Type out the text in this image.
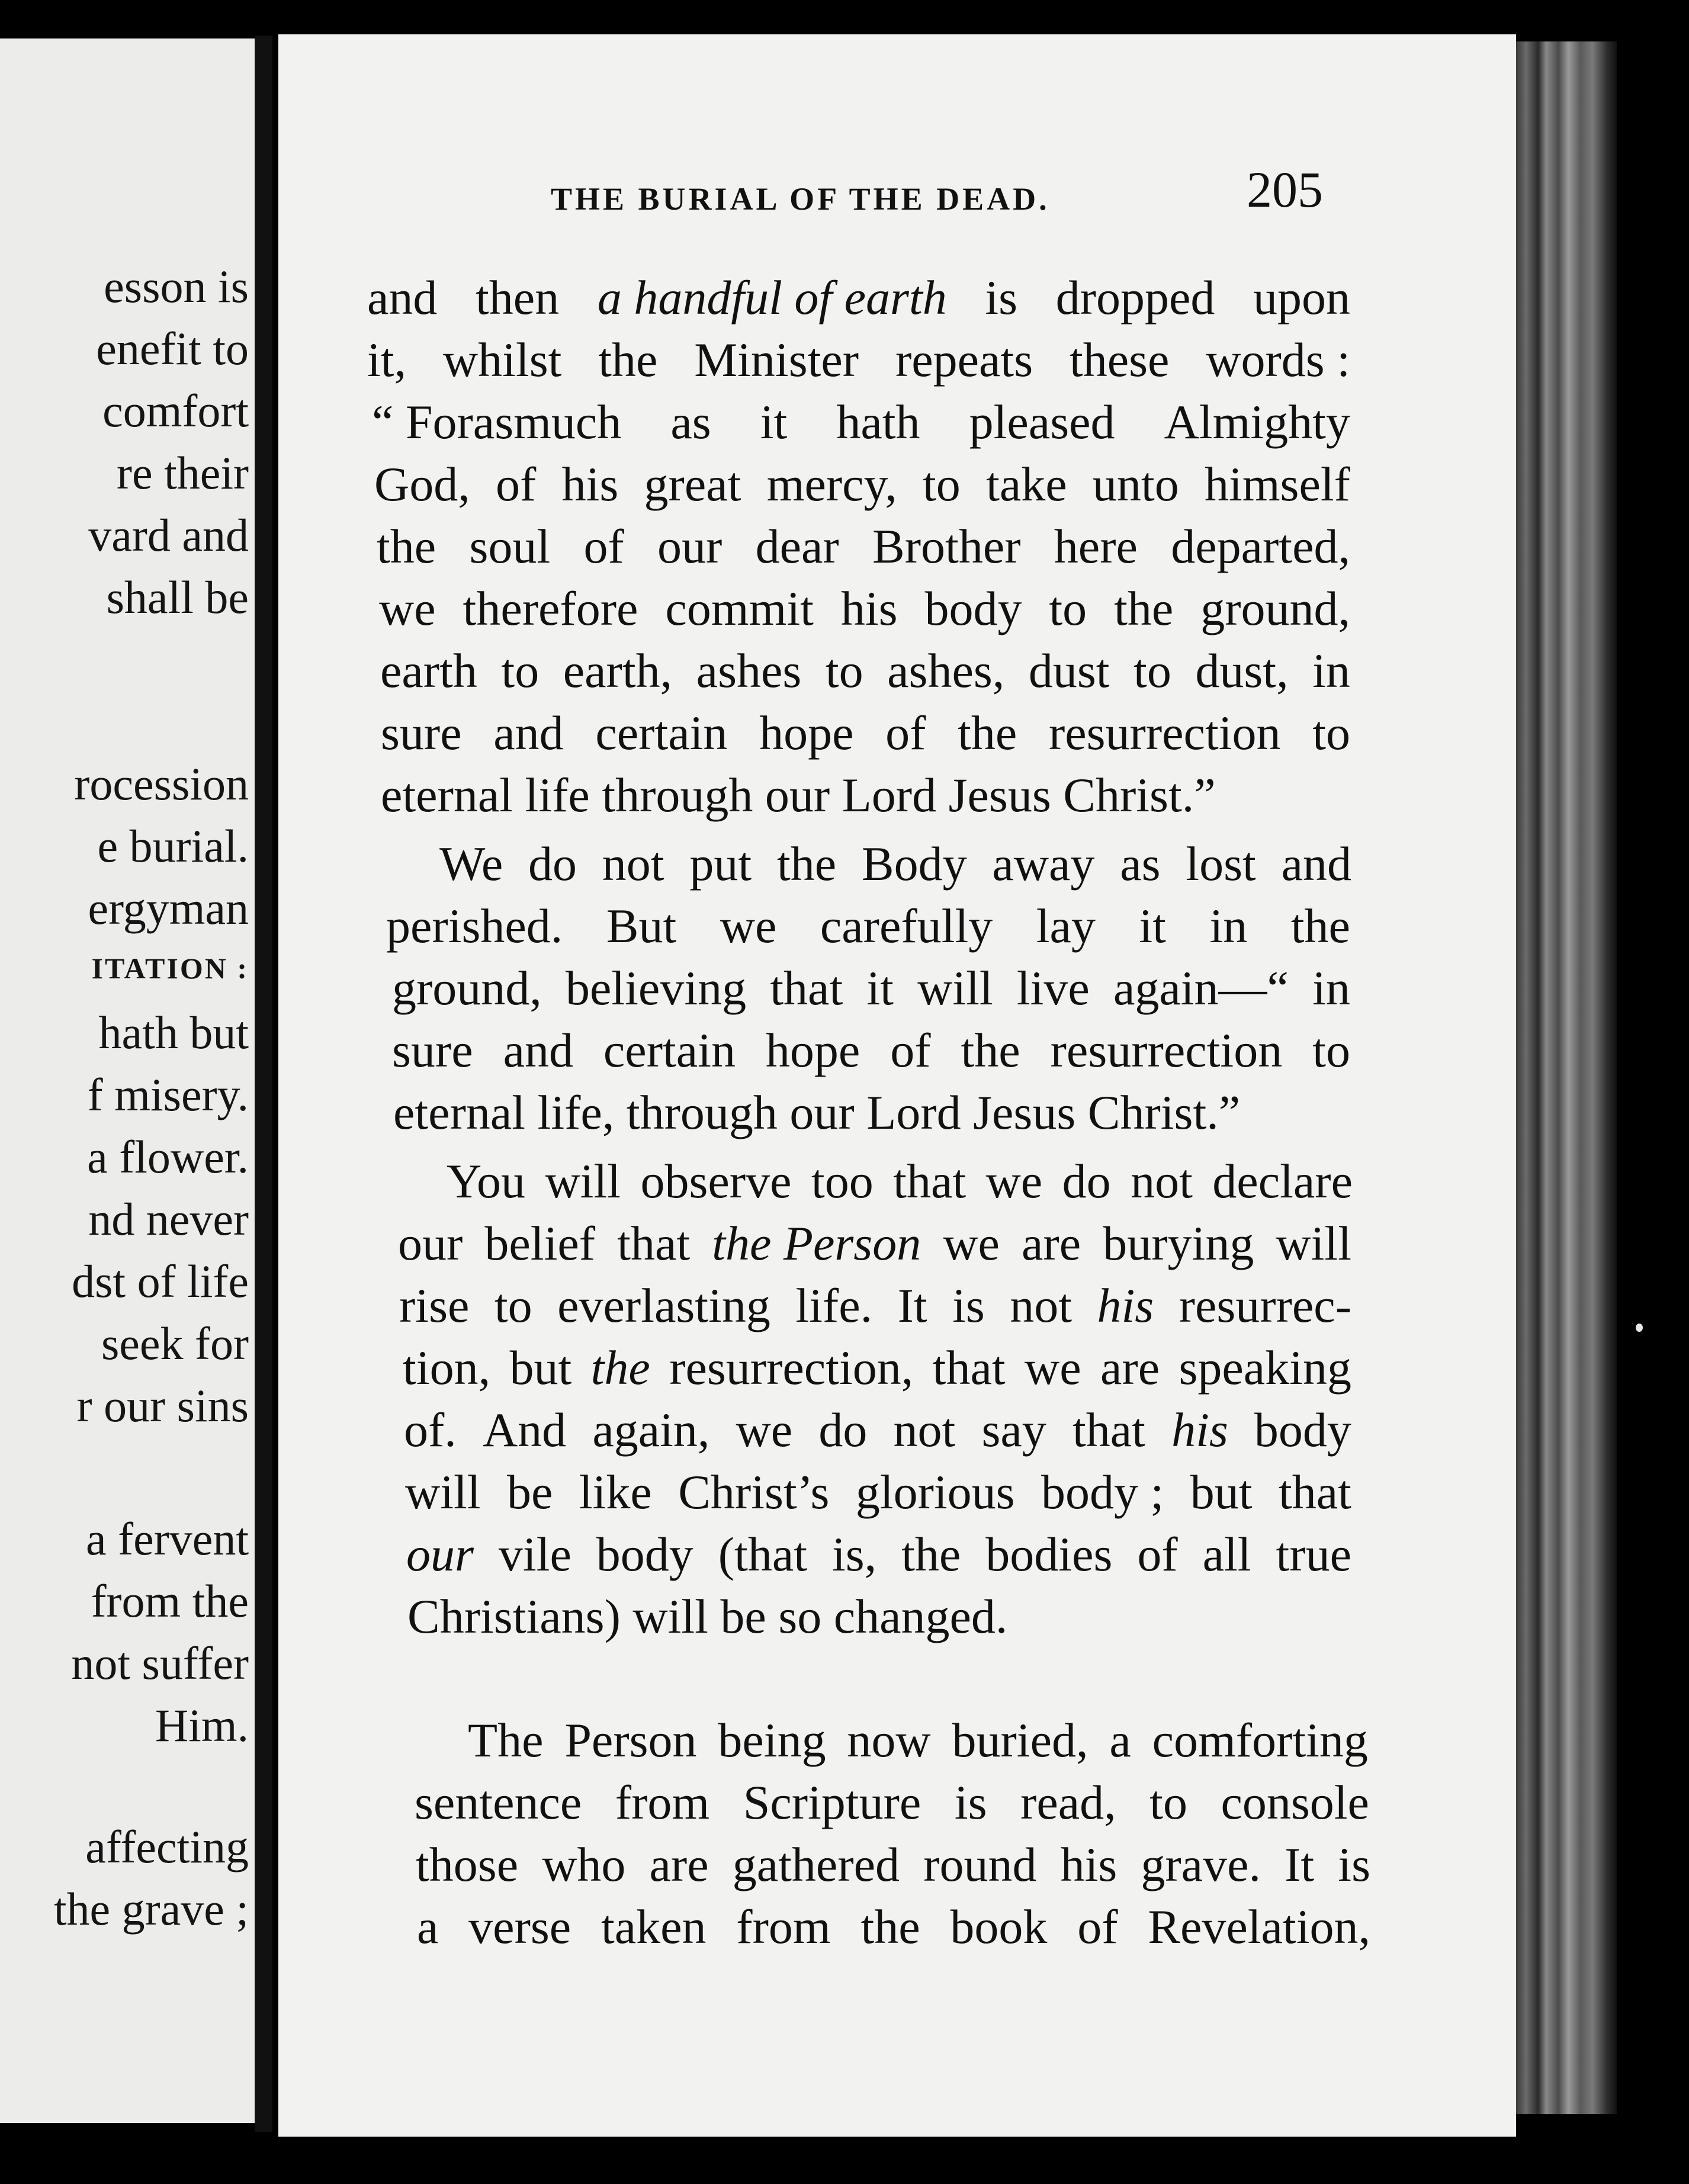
esson is
enefit to
comfort
re their
vard and
shall be
rocession
e burial.
ergyman
ITATION :
hath but
f misery.
a flower.
nd never
dst of life
seek for
r our sins
a fervent
from the
not suffer
Him.
affecting
the grave ;
THE BURIAL OF THE DEAD.	205
and then a handful of earth is dropped upon
it, whilst the Minister repeats these words :
“ Forasmuch as it hath pleased Almighty
God, of his great mercy, to take unto himself
the soul of our dear Brother here departed,
we therefore commit his body to the ground,
earth to earth, ashes to ashes, dust to dust, in
sure and certain hope of the resurrection to
eternal life through our Lord Jesus Christ.”
We do not put the Body away as lost and
perished. But we carefully lay it in the
ground, believing that it will live again—“ in
sure and certain hope of the resurrection to
eternal life, through our Lord Jesus Christ.”
You will observe too that we do not declare
our belief that the Person we are burying will
rise to everlasting life. It is not his resurrec-
tion, but the resurrection, that we are speaking
of. And again, we do not say that his body
will be like Christ’s glorious body ; but that
our vile body (that is, the bodies of all true
Christians) will be so changed.
The Person being now buried, a comforting
sentence from Scripture is read, to console
those who are gathered round his grave. It is
a verse taken from the book of Revelation,
